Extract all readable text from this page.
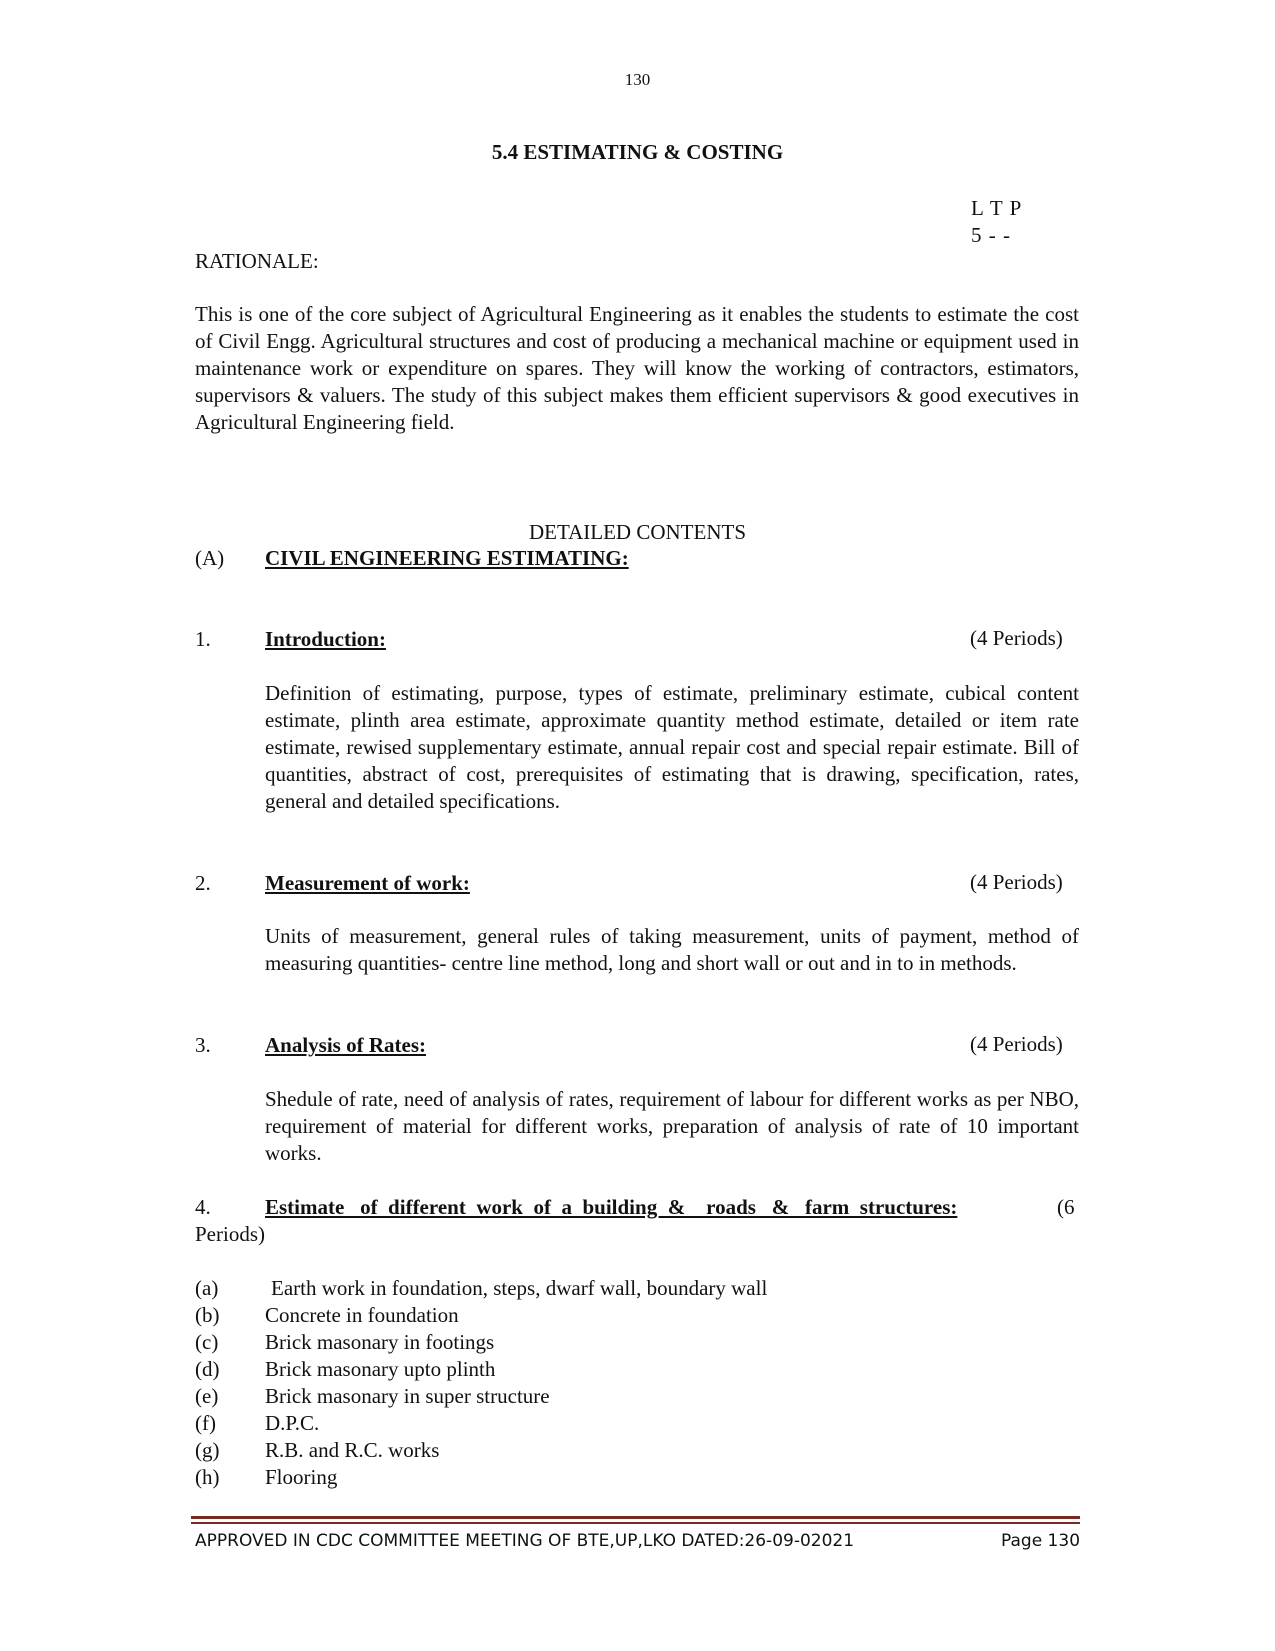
130
5.4 ESTIMATING & COSTING
L T P
5 - -
RATIONALE:
This is one of the core subject of Agricultural Engineering as it enables the students to estimate the cost of Civil Engg. Agricultural structures and cost of producing a mechanical machine or equipment used in maintenance work or expenditure on spares. They will know the working of contractors, estimators, supervisors & valuers. The study of this subject makes them efficient supervisors & good executives in Agricultural Engineering field.
DETAILED CONTENTS
(A) CIVIL ENGINEERING ESTIMATING:
1.	Introduction:	(4 Periods)
Definition of estimating, purpose, types of estimate, preliminary estimate, cubical content estimate, plinth area estimate, approximate quantity method estimate, detailed or item rate estimate, rewised supplementary estimate, annual repair cost and special repair estimate. Bill of quantities, abstract of cost, prerequisites of estimating that is drawing, specification, rates, general and detailed specifications.
2.	Measurement of work:	(4 Periods)
Units of measurement, general rules of taking measurement, units of payment, method of measuring quantities- centre line method, long and short wall or out and in to in methods.
3.	Analysis of Rates:	(4 Periods)
Shedule of rate, need of analysis of rates, requirement of labour for different works as per NBO, requirement of material for different works, preparation of analysis of rate of 10 important works.
4.	Estimate   of  different  work  of  a  building  &    roads   &   farm  structures:	(6
Periods)
(a)	Earth work in foundation, steps, dwarf wall, boundary wall
(b) Concrete in foundation
(c) Brick masonary in footings
(d) Brick masonary upto plinth
(e) Brick masonary in super structure
(f) D.P.C.
(g) R.B. and R.C. works
(h) Flooring
APPROVED IN CDC COMMITTEE MEETING OF BTE,UP,LKO DATED:26-09-02021	Page 130
